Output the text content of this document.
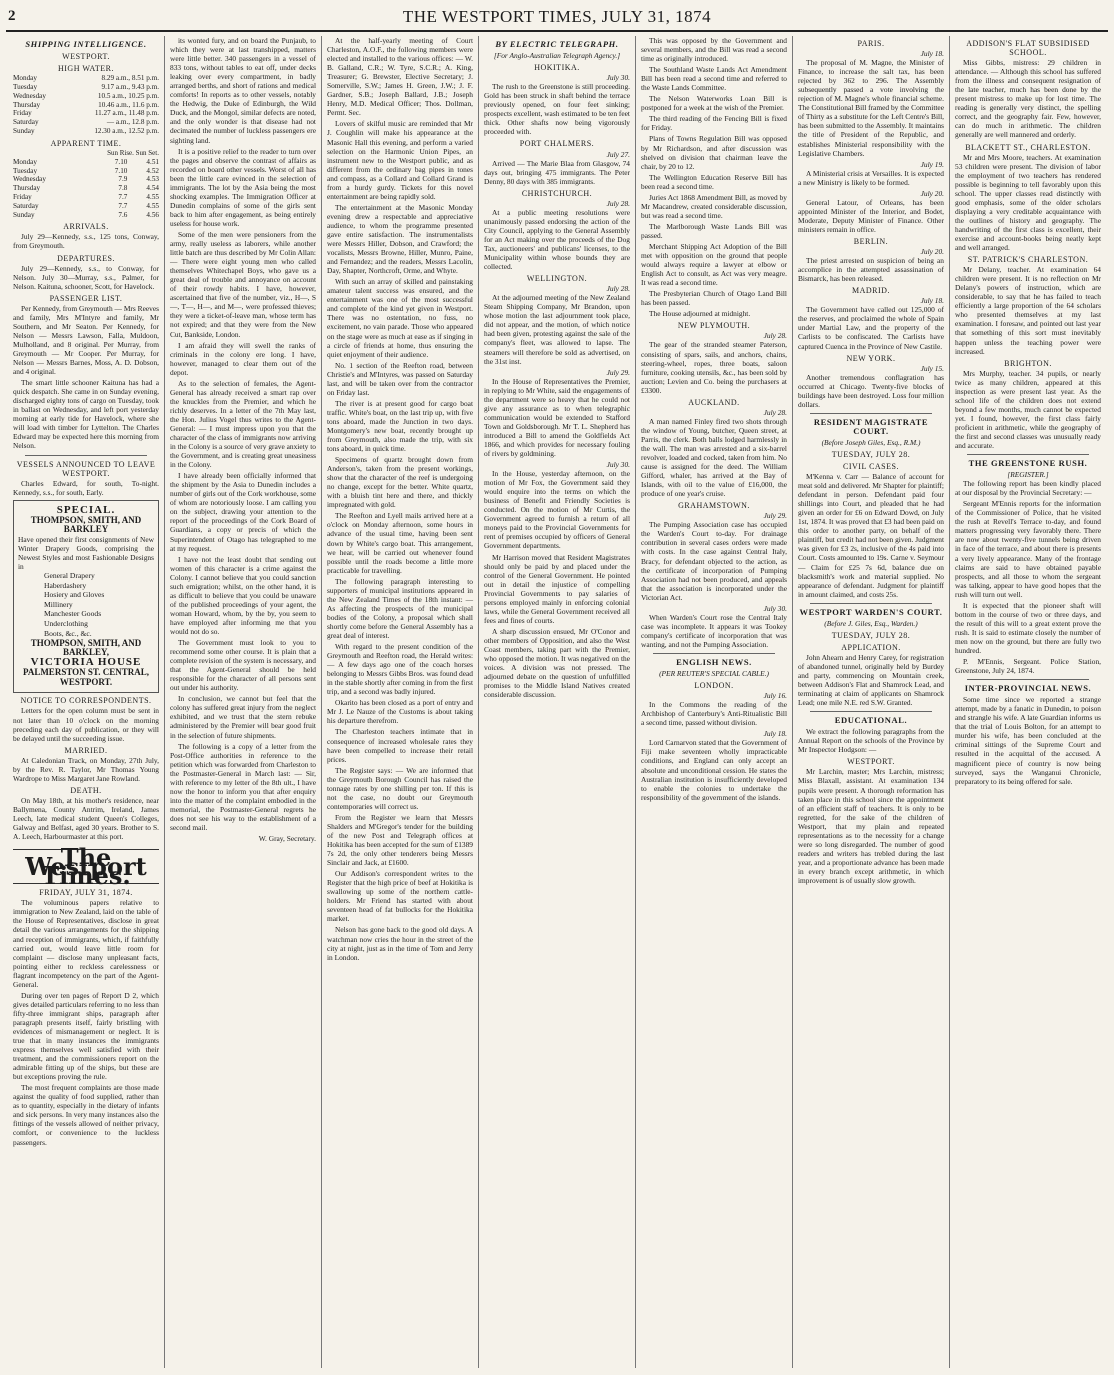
2	THE WESTPORT TIMES, JULY 31, 1874
SHIPPING INTELLIGENCE.
WESTPORT.
HIGH WATER.
Monday	8.29 a.m., 8.51 p.m.
Tuesday	9.17 a.m., 9.43 p.m.
Wednesday	10.5 a.m., 10.25 p.m.
Thursday	10.46 a.m., 11.6 p.m.
Friday	11.27 a.m., 11.48 p.m.
Saturday	— a.m., 12.8 p.m.
Sunday	12.30 a.m., 12.52 p.m.
APPARENT TIME.
Sun Rise. Sun Set.
Monday	7.10	4.51
Tuesday	7.10	4.52
Wednesday	7.9	4.53
Thursday	7.8	4.54
Friday	7.7	4.55
Saturday	7.7	4.55
Sunday	7.6	4.56
ARRIVALS.

July 29—Kennedy, s.s., 125 tons, Conway, from Greymouth.

DEPARTURES.

July 29—Kennedy, s.s., to Conway, for Nelson. July 30—Murray, s.s., Palmer, for Nelson. Kaituna, schooner, Scott, for Havelock.

PASSENGER LIST.

Per Kennedy, from Greymouth — Mrs Reeves and family, Mrs M'Intyre and family, Mr Southern, and Mr Seaton. Per Kennedy, for Nelson — Messrs Lawson, Falla, Muldoon, Mulholland, and 8 original. Per Murray, from Greymouth — Mr Cooper. Per Murray, for Nelson — Messrs Barnes, Moss, A. D. Dobson, and 4 original.

The smart little schooner Kaituna has had a quick despatch. She came in on Sunday evening, discharged eighty tons of cargo on Tuesday, took in ballast on Wednesday, and left port yesterday morning at early tide for Havelock, where she will load with timber for Lyttelton. The Charles Edward may be expected here this morning from Nelson.

VESSELS ANNOUNCED TO LEAVE WESTPORT.

Charles Edward, for south, To-night. Kennedy, s.s., for south, Early.

SPECIAL.
THOMPSON, SMITH, AND BARKLEY
Have opened their first consignments of New Winter Drapery Goods, comprising the Newest Styles and most Fashionable Designs in
General Drapery
Haberdashery
Hosiery and Gloves
Millinery
Manchester Goods
Underclothing
Boots, &c., &c.
THOMPSON, SMITH, AND BARKLEY,
VICTORIA HOUSE
PALMERSTON ST. CENTRAL,
WESTPORT.
NOTICE TO CORRESPONDENTS.

Letters for the open column must be sent in not later than 10 o'clock on the morning preceding each day of publication, or they will be delayed until the succeeding issue.

MARRIED.

At Caledonian Track, on Monday, 27th July, by the Rev. R. Taylor, Mr Thomas Young Wardrope to Miss Margaret Jane Rowland.

DEATH.

On May 18th, at his mother's residence, near Ballymena, County Antrim, Ireland, James Leech, late medical student Queen's Colleges, Galway and Belfast, aged 30 years. Brother to S. A. Leech, Harbourmaster at this port.

The Westport Times.
FRIDAY, JULY 31, 1874.

The voluminous papers relative to immigration to New Zealand, laid on the table of the House of Representatives, disclose in great detail the various arrangements for the shipping and reception of immigrants, which, if faithfully carried out, would leave little room for complaint — disclose many unpleasant facts, pointing either to reckless carelessness or flagrant incompetency on the part of the Agent-General.

During over ten pages of Report D 2, which gives detailed particulars referring to no less than fifty-three immigrant ships, paragraph after paragraph presents itself, fairly bristling with evidences of mismanagement or neglect. It is true that in many instances the immigrants express themselves well satisfied with their treatment, and the commissioners report on the admirable fitting up of the ships, but these are but exceptions proving the rule.

The most frequent complaints are those made against the quality of food supplied, rather than as to quantity, especially in the dietary of infants and sick persons. In very many instances also the fittings of the vessels allowed of neither privacy, comfort, or convenience to the luckless passengers.

its wonted fury, and on board the Punjaub, to which they were at last transhipped, matters were little better. 340 passengers in a vessel of 833 tons, without tables to eat off, under decks leaking over every compartment, in badly arranged berths, and short of rations and medical comforts! In reports as to other vessels, notably the Hedwig, the Duke of Edinburgh, the Wild Duck, and the Mongol, similar defects are noted, and the only wonder is that disease had not decimated the number of luckless passengers ere sighting land.

It is a positive relief to the reader to turn over the pages and observe the contrast of affairs as recorded on board other vessels. Worst of all has been the little care evinced in the selection of immigrants. The lot by the Asia being the most shocking examples. The Immigration Officer at Dunedin complains of some of the girls sent back to him after engagement, as being entirely useless for house work.

Some of the men were pensioners from the army, really useless as laborers, while another little batch are thus described by Mr Colin Allan: — There were eight young men who called themselves Whitechapel Boys, who gave us a great deal of trouble and annoyance on account of their rowdy habits. I have, however, ascertained that five of the number, viz., H—, S—, T—, H—, and M—, were professed thieves; they were a ticket-of-leave man, whose term has not expired; and that they were from the New Cut, Bankside, London.

I am afraid they will swell the ranks of criminals in the colony ere long. I have, however, managed to clear them out of the depot.

As to the selection of females, the Agent-General has already received a smart rap over the knuckles from the Premier, and which he richly deserves. In a letter of the 7th May last, the Hon. Julius Vogel thus writes to the Agent-General: — I must impress upon you that the character of the class of immigrants now arriving in the Colony is a source of very grave anxiety to the Government, and is creating great uneasiness in the Colony.

I have already been officially informed that the shipment by the Asia to Dunedin includes a number of girls out of the Cork workhouse, some of whom are notoriously loose. I am calling you on the subject, drawing your attention to the report of the proceedings of the Cork Board of Guardians, a copy or precis of which the Superintendent of Otago has telegraphed to me at my request.

I have not the least doubt that sending out women of this character is a crime against the Colony. I cannot believe that you could sanction such emigration; whilst, on the other hand, it is as difficult to believe that you could be unaware of the published proceedings of your agent, the woman Howard, whom, by the by, you seem to have employed after informing me that you would not do so.

The Government must look to you to recommend some other course. It is plain that a complete revision of the system is necessary, and that the Agent-General should be held responsible for the character of all persons sent out under his authority.

In conclusion, we cannot but feel that the colony has suffered great injury from the neglect exhibited, and we trust that the stern rebuke administered by the Premier will bear good fruit in the selection of future shipments.

The following is a copy of a letter from the Post-Office authorities in reference to the petition which was forwarded from Charleston to the Postmaster-General in March last: — Sir, with reference to my letter of the 8th ult., I have now the honor to inform you that after enquiry into the matter of the complaint embodied in the memorial, the Postmaster-General regrets he does not see his way to the establishment of a second mail.

W. Gray, Secretary.

At the half-yearly meeting of Court Charleston, A.O.F., the following members were elected and installed to the various offices: — W. B. Galland, C.R.; W. Tyre, S.C.R.; A. King, Treasurer; G. Brewster, Elective Secretary; J. Somerville, S.W.; James H. Green, J.W.; J. F. Gardner, S.B.; Joseph Ballard, J.B.; Joseph Henry, M.D. Medical Officer; Thos. Dollman, Permt. Sec.

Lovers of skilful music are reminded that Mr J. Coughlin will make his appearance at the Masonic Hall this evening, and perform a varied selection on the Harmonic Union Pipes, an instrument new to the Westport public, and as different from the ordinary bag pipes in tones and compass, as a Collard and Collard Grand is from a hurdy gurdy. Tickets for this novel entertainment are being rapidly sold.

The entertainment at the Masonic Monday evening drew a respectable and appreciative audience, to whom the programme presented gave entire satisfaction. The instrumentalists were Messrs Hiller, Dobson, and Crawford; the vocalists, Messrs Browne, Hiller, Munro, Paine, and Fernandez; and the readers, Messrs Lacolin, Day, Shapter, Northcroft, Orme, and Whyte.

With such an array of skilled and painstaking amateur talent success was ensured, and the entertainment was one of the most successful and complete of the kind yet given in Westport. There was no ostentation, no fuss, no excitement, no vain parade. Those who appeared on the stage were as much at ease as if singing in a circle of friends at home, thus ensuring the quiet enjoyment of their audience.

No. 1 section of the Reefton road, between Christie's and M'Intyres, was passed on Saturday last, and will be taken over from the contractor on Friday last.

The river is at present good for cargo boat traffic. White's boat, on the last trip up, with five tons aboard, made the Junction in two days. Montgomery's new boat, recently brought up from Greymouth, also made the trip, with six tons aboard, in quick time.

Specimens of quartz brought down from Anderson's, taken from the present workings, show that the character of the reef is undergoing no change, except for the better. White quartz, with a bluish tint here and there, and thickly impregnated with gold.

The Reefton and Lyell mails arrived here at a o'clock on Monday afternoon, some hours in advance of the usual time, having been sent down by White's cargo boat. This arrangement, we hear, will be carried out whenever found possible until the roads become a little more practicable for travelling.

The following paragraph interesting to supporters of municipal institutions appeared in the New Zealand Times of the 18th instant: — As affecting the prospects of the municipal bodies of the Colony, a proposal which shall shortly come before the General Assembly has a great deal of interest.

With regard to the present condition of the Greymouth and Reefton road, the Herald writes: — A few days ago one of the coach horses belonging to Messrs Gibbs Bros. was found dead in the stable shortly after coming in from the first trip, and a second was badly injured.

Okarito has been closed as a port of entry and Mr J. Le Nauze of the Customs is about taking his departure therefrom.

The Charleston teachers intimate that in consequence of increased wholesale rates they have been compelled to increase their retail prices.

The Register says: — We are informed that the Greymouth Borough Council has raised the tonnage rates by one shilling per ton. If this is not the case, no doubt our Greymouth contemporaries will correct us.

From the Register we learn that Messrs Shalders and M'Gregor's tender for the building of the new Post and Telegraph offices at Hokitika has been accepted for the sum of £1389 7s 2d, the only other tenderers being Messrs Sinclair and Jack, at £1600.

Our Addison's correspondent writes to the Register that the high price of beef at Hokitika is swallowing up some of the northern cattle-holders. Mr Friend has started with about seventeen head of fat bullocks for the Hokitika market.

Nelson has gone back to the good old days. A watchman now cries the hour in the street of the city at night, just as in the time of Tom and Jerry in London.

BY ELECTRIC TELEGRAPH.
[For Anglo-Australian Telegraph Agency.]
HOKITIKA.
July 30.

The rush to the Greenstone is still proceeding. Gold has been struck in shaft behind the terrace previously opened, on four feet sinking; prospects excellent, wash estimated to be ten feet thick. Other shafts now being vigorously proceeded with.

PORT CHALMERS.
July 27.

Arrived — The Marie Blaa from Glasgow, 74 days out, bringing 475 immigrants. The Peter Denny, 80 days with 385 immigrants.

CHRISTCHURCH.
July 28.

At a public meeting resolutions were unanimously passed endorsing the action of the City Council, applying to the General Assembly for an Act making over the proceeds of the Dog Tax, auctioneers' and publicans' licenses, to the Municipality within whose bounds they are collected.

WELLINGTON.
July 28.

At the adjourned meeting of the New Zealand Steam Shipping Company, Mr Brandon, upon whose motion the last adjournment took place, did not appear, and the motion, of which notice had been given, protesting against the sale of the company's fleet, was allowed to lapse. The steamers will therefore be sold as advertised, on the 31st inst.

July 29.

In the House of Representatives the Premier, in replying to Mr White, said the engagements of the department were so heavy that he could not give any assurance as to when telegraphic communication would be extended to Stafford Town and Goldsborough. Mr T. L. Shepherd has introduced a Bill to amend the Goldfields Act 1866, and which provides for necessary fouling of rivers by goldmining.

July 30.

In the House, yesterday afternoon, on the motion of Mr Fox, the Government said they would enquire into the terms on which the business of Benefit and Friendly Societies is conducted. On the motion of Mr Curtis, the Government agreed to furnish a return of all moneys paid to the Provincial Governments for rent of premises occupied by officers of General Government departments.

Mr Harrison moved that Resident Magistrates should only be paid by and placed under the control of the General Government. He pointed out in detail the injustice of compelling Provincial Governments to pay salaries of persons employed mainly in enforcing colonial laws, while the General Government received all fees and fines of courts.

A sharp discussion ensued, Mr O'Conor and other members of Opposition, and also the West Coast members, taking part with the Premier, who opposed the motion. It was negatived on the voices. A division was not pressed. The adjourned debate on the question of unfulfilled promises to the Middle Island Natives created considerable discussion.

This was opposed by the Government and several members, and the Bill was read a second time as originally introduced.

The Southland Waste Lands Act Amendment Bill has been read a second time and referred to the Waste Lands Committee.

The Nelson Waterworks Loan Bill is postponed for a week at the wish of the Premier.

The third reading of the Fencing Bill is fixed for Friday.

Plans of Towns Regulation Bill was opposed by Mr Richardson, and after discussion was shelved on division that chairman leave the chair, by 20 to 12.

The Wellington Education Reserve Bill has been read a second time.

Juries Act 1868 Amendment Bill, as moved by Mr Macandrew, created considerable discussion, but was read a second time.

The Marlborough Waste Lands Bill was passed.

Merchant Shipping Act Adoption of the Bill met with opposition on the ground that people would always require a lawyer at elbow or English Act to consult, as Act was very meagre. It was read a second time.

The Presbyterian Church of Otago Land Bill has been passed.

The House adjourned at midnight.

NEW PLYMOUTH.
July 28.

The gear of the stranded steamer Paterson, consisting of spars, sails, and anchors, chains, steering-wheel, ropes, three boats, saloon furniture, cooking utensils, &c., has been sold by auction; Levien and Co. being the purchasers at £3300.

AUCKLAND.
July 28.

A man named Finley fired two shots through the window of Young, butcher, Queen street, at Parris, the clerk. Both balls lodged harmlessly in the wall. The man was arrested and a six-barrel revolver, loaded and cocked, taken from him. No cause is assigned for the deed. The William Gifford, whaler, has arrived at the Bay of Islands, with oil to the value of £16,000, the produce of one year's cruise.

GRAHAMSTOWN.
July 29.

The Pumping Association case has occupied the Warden's Court to-day. For drainage contribution in several cases orders were made with costs. In the case against Central Italy, Bracy, for defendant objected to the action, as the certificate of incorporation of Pumping Association had not been produced, and appeals that the association is incorporated under the Victorian Act.

July 30.

When Warden's Court rose the Central Italy case was incomplete. It appears it was Tookey company's certificate of incorporation that was wanting, and not the Pumping Association.

ENGLISH NEWS.
(PER REUTER'S SPECIAL CABLE.)
LONDON.
July 16.

In the Commons the reading of the Archbishop of Canterbury's Anti-Ritualistic Bill a second time, passed without division.

July 18.

Lord Carnarvon stated that the Government of Fiji make seventeen wholly impracticable conditions, and England can only accept an absolute and unconditional cession. He states the Australian institution is insufficiently developed to enable the colonies to undertake the responsibility of the government of the islands.

PARIS.
July 18.

The proposal of M. Magne, the Minister of Finance, to increase the salt tax, has been rejected by 362 to 296. The Assembly subsequently passed a vote involving the rejection of M. Magne's whole financial scheme. The Constitutional Bill framed by the Committee of Thirty as a substitute for the Left Centre's Bill, has been submitted to the Assembly. It maintains the title of President of the Republic, and establishes Ministerial responsibility with the Legislative Chambers.

July 19.

A Ministerial crisis at Versailles. It is expected a new Ministry is likely to be formed.

July 20.

General Latour, of Orleans, has been appointed Minister of the Interior, and Bodet, Moderate, Deputy Minister of Finance. Other ministers remain in office.

BERLIN.
July 20.

The priest arrested on suspicion of being an accomplice in the attempted assassination of Bismarck, has been released.

MADRID.
July 18.

The Government have called out 125,000 of the reserves, and proclaimed the whole of Spain under Martial Law, and the property of the Carlists to be confiscated. The Carlists have captured Cuenca in the Province of New Castile.

NEW YORK.
July 15.

Another tremendous conflagration has occurred at Chicago. Twenty-five blocks of buildings have been destroyed. Loss four million dollars.

RESIDENT MAGISTRATE COURT.
(Before Joseph Giles, Esq., R.M.)
TUESDAY, JULY 28.
CIVIL CASES.

M'Kenna v. Carr — Balance of account for meat sold and delivered. Mr Shapter for plaintiff; defendant in person. Defendant paid four shillings into Court, and pleaded that he had given an order for £6 on Edward Dowd, on July 1st, 1874. It was proved that £3 had been paid on this order to another party, on behalf of the plaintiff, but credit had not been given. Judgment was given for £3 2s, inclusive of the 4s paid into Court. Costs amounted to 19s. Carne v. Seymour — Claim for £25 7s 6d, balance due on blacksmith's work and material supplied. No appearance of defendant. Judgment for plaintiff in amount claimed, and costs 25s.

WESTPORT WARDEN'S COURT.
(Before J. Giles, Esq., Warden.)
TUESDAY, JULY 28.
APPLICATION.

John Ahearn and Henry Carey, for registration of abandoned tunnel, originally held by Burdey and party, commencing on Mountain creek, between Addison's Flat and Shamrock Lead, and terminating at claim of applicants on Shamrock Lead; one mile N.E. red S.W. Granted.

EDUCATIONAL.

We extract the following paragraphs from the Annual Report on the schools of the Province by Mr Inspector Hodgson: —

WESTPORT.

Mr Larchin, master; Mrs Larchin, mistress; Miss Blaxall, assistant. At examination 134 pupils were present. A thorough reformation has taken place in this school since the appointment of an efficient staff of teachers. It is only to be regretted, for the sake of the children of Westport, that my plain and repeated representations as to the necessity for a change were so long disregarded. The number of good readers and writers has trebled during the last year, and a proportionate advance has been made in every branch except arithmetic, in which improvement is of usually slow growth.

ADDISON'S FLAT SUBSIDISED SCHOOL.

Miss Gibbs, mistress: 29 children in attendance. — Although this school has suffered from the illness and consequent resignation of the late teacher, much has been done by the present mistress to make up for lost time. The reading is generally very distinct, the spelling correct, and the geography fair. Few, however, can do much in arithmetic. The children generally are well mannered and orderly.

BLACKETT ST., CHARLESTON.

Mr and Mrs Moore, teachers. At examination 53 children were present. The division of labor the employment of two teachers has rendered possible is beginning to tell favorably upon this school. The upper classes read distinctly with good emphasis, some of the older scholars displaying a very creditable acquaintance with the outlines of history and geography. The handwriting of the first class is excellent, their exercise and account-books being neatly kept and well arranged.

ST. PATRICK'S CHARLESTON.

Mr Delany, teacher. At examination 64 children were present. It is no reflection on Mr Delany's powers of instruction, which are considerable, to say that he has failed to teach efficiently a large proportion of the 64 scholars who presented themselves at my last examination. I foresaw, and pointed out last year that something of this sort must inevitably happen unless the teaching power were increased.

BRIGHTON.

Mrs Murphy, teacher. 34 pupils, or nearly twice as many children, appeared at this inspection as were present last year. As the school life of the children does not extend beyond a few months, much cannot be expected yet. I found, however, the first class fairly proficient in arithmetic, while the geography of the first and second classes was unusually ready and accurate.

THE GREENSTONE RUSH.
[REGISTER.]

The following report has been kindly placed at our disposal by the Provincial Secretary: —

Sergeant M'Ennis reports for the information of the Commissioner of Police, that he visited the rush at Revell's Terrace to-day, and found matters progressing very favorably there. There are now about twenty-five tunnels being driven in face of the terrace, and about there is presents a very lively appearance. Many of the frontage claims are said to have obtained payable prospects, and all those to whom the sergeant was talking, appear to have good hopes that the rush will turn out well.

It is expected that the pioneer shaft will bottom in the course of two or three days, and the result of this will to a great extent prove the rush. It is said to estimate closely the number of men now on the ground, but there are fully two hundred.

P. M'Ennis, Sergeant. Police Station, Greenstone, July 24, 1874.

INTER-PROVINCIAL NEWS.

Some time since we reported a strange attempt, made by a fanatic in Dunedin, to poison and strangle his wife. A late Guardian informs us that the trial of Louis Bolton, for an attempt to murder his wife, has been concluded at the criminal sittings of the Supreme Court and resulted in the acquittal of the accused. A magnificent piece of country is now being surveyed, says the Wanganui Chronicle, preparatory to its being offered for sale.
